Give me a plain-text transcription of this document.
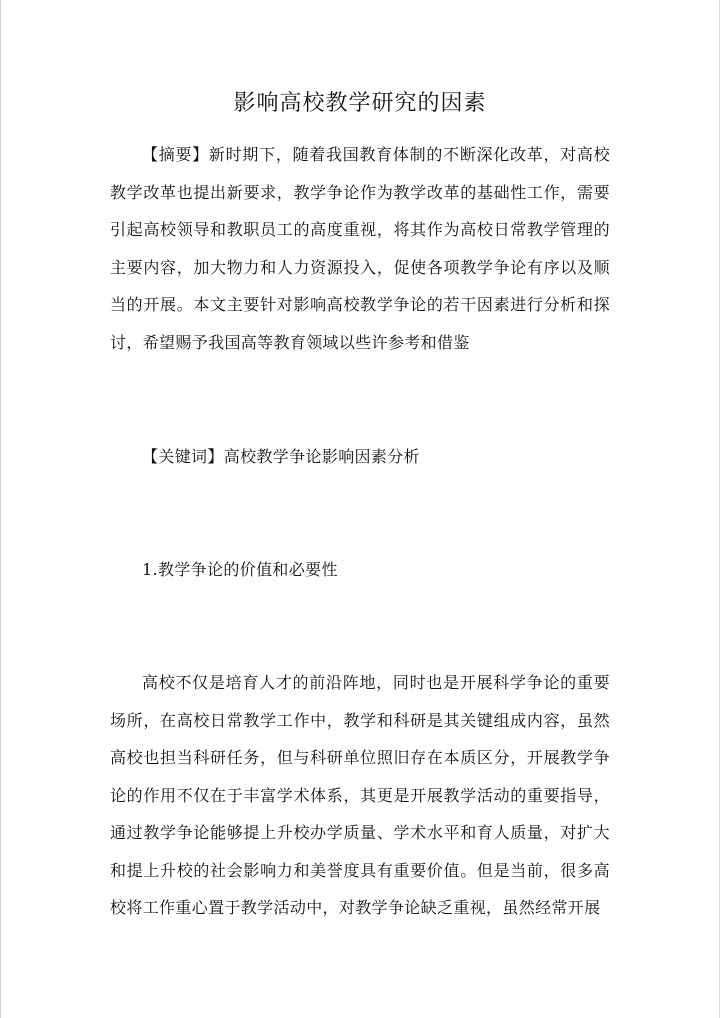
影响高校教学研究的因素

【摘要】新时期下，随着我国教育体制的不断深化改革，对高校教学改革也提出新要求，教学争论作为教学改革的基础性工作，需要引起高校领导和教职员工的高度重视，将其作为高校日常教学管理的主要内容，加大物力和人力资源投入，促使各项教学争论有序以及顺当的开展。本文主要针对影响高校教学争论的若干因素进行分析和探讨，希望赐予我国高等教育领域以些许参考和借鉴

【关键词】高校教学争论影响因素分析

1.教学争论的价值和必要性

高校不仅是培育人才的前沿阵地，同时也是开展科学争论的重要场所，在高校日常教学工作中，教学和科研是其关键组成内容，虽然高校也担当科研任务，但与科研单位照旧存在本质区分，开展教学争论的作用不仅在于丰富学术体系，其更是开展教学活动的重要指导，通过教学争论能够提上升校办学质量、学术水平和育人质量，对扩大和提上升校的社会影响力和美誉度具有重要价值。但是当前，很多高校将工作重心置于教学活动中，对教学争论缺乏重视，虽然经常开展
